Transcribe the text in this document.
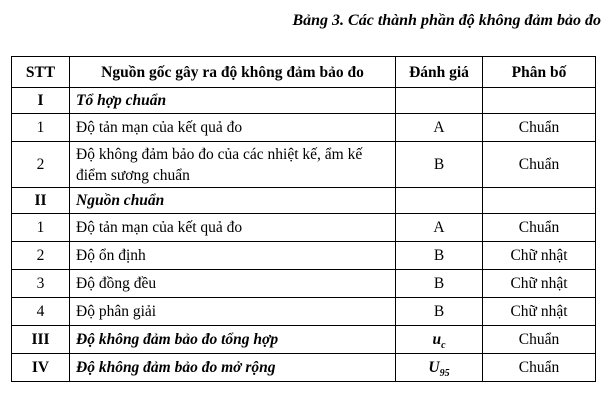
Bảng 3. Các thành phần độ không đảm bảo đo
STT	Nguồn gốc gây ra độ không đảm bảo đo	Đánh giá	Phân bố
I	Tổ hợp chuẩn		
1	Độ tản mạn của kết quả đo	A	Chuẩn
2	Độ không đảm bảo đo của các nhiệt kế, ẩm kế điểm sương chuẩn	B	Chuẩn
II	Nguồn chuẩn		
1	Độ tản mạn của kết quả đo	A	Chuẩn
2	Độ ổn định	B	Chữ nhật
3	Độ đồng đều	B	Chữ nhật
4	Độ phân giải	B	Chữ nhật
III	Độ không đảm bảo đo tổng hợp	$u_c$	Chuẩn
IV	Độ không đảm bảo đo mở rộng	$U_{95}$	Chuẩn
